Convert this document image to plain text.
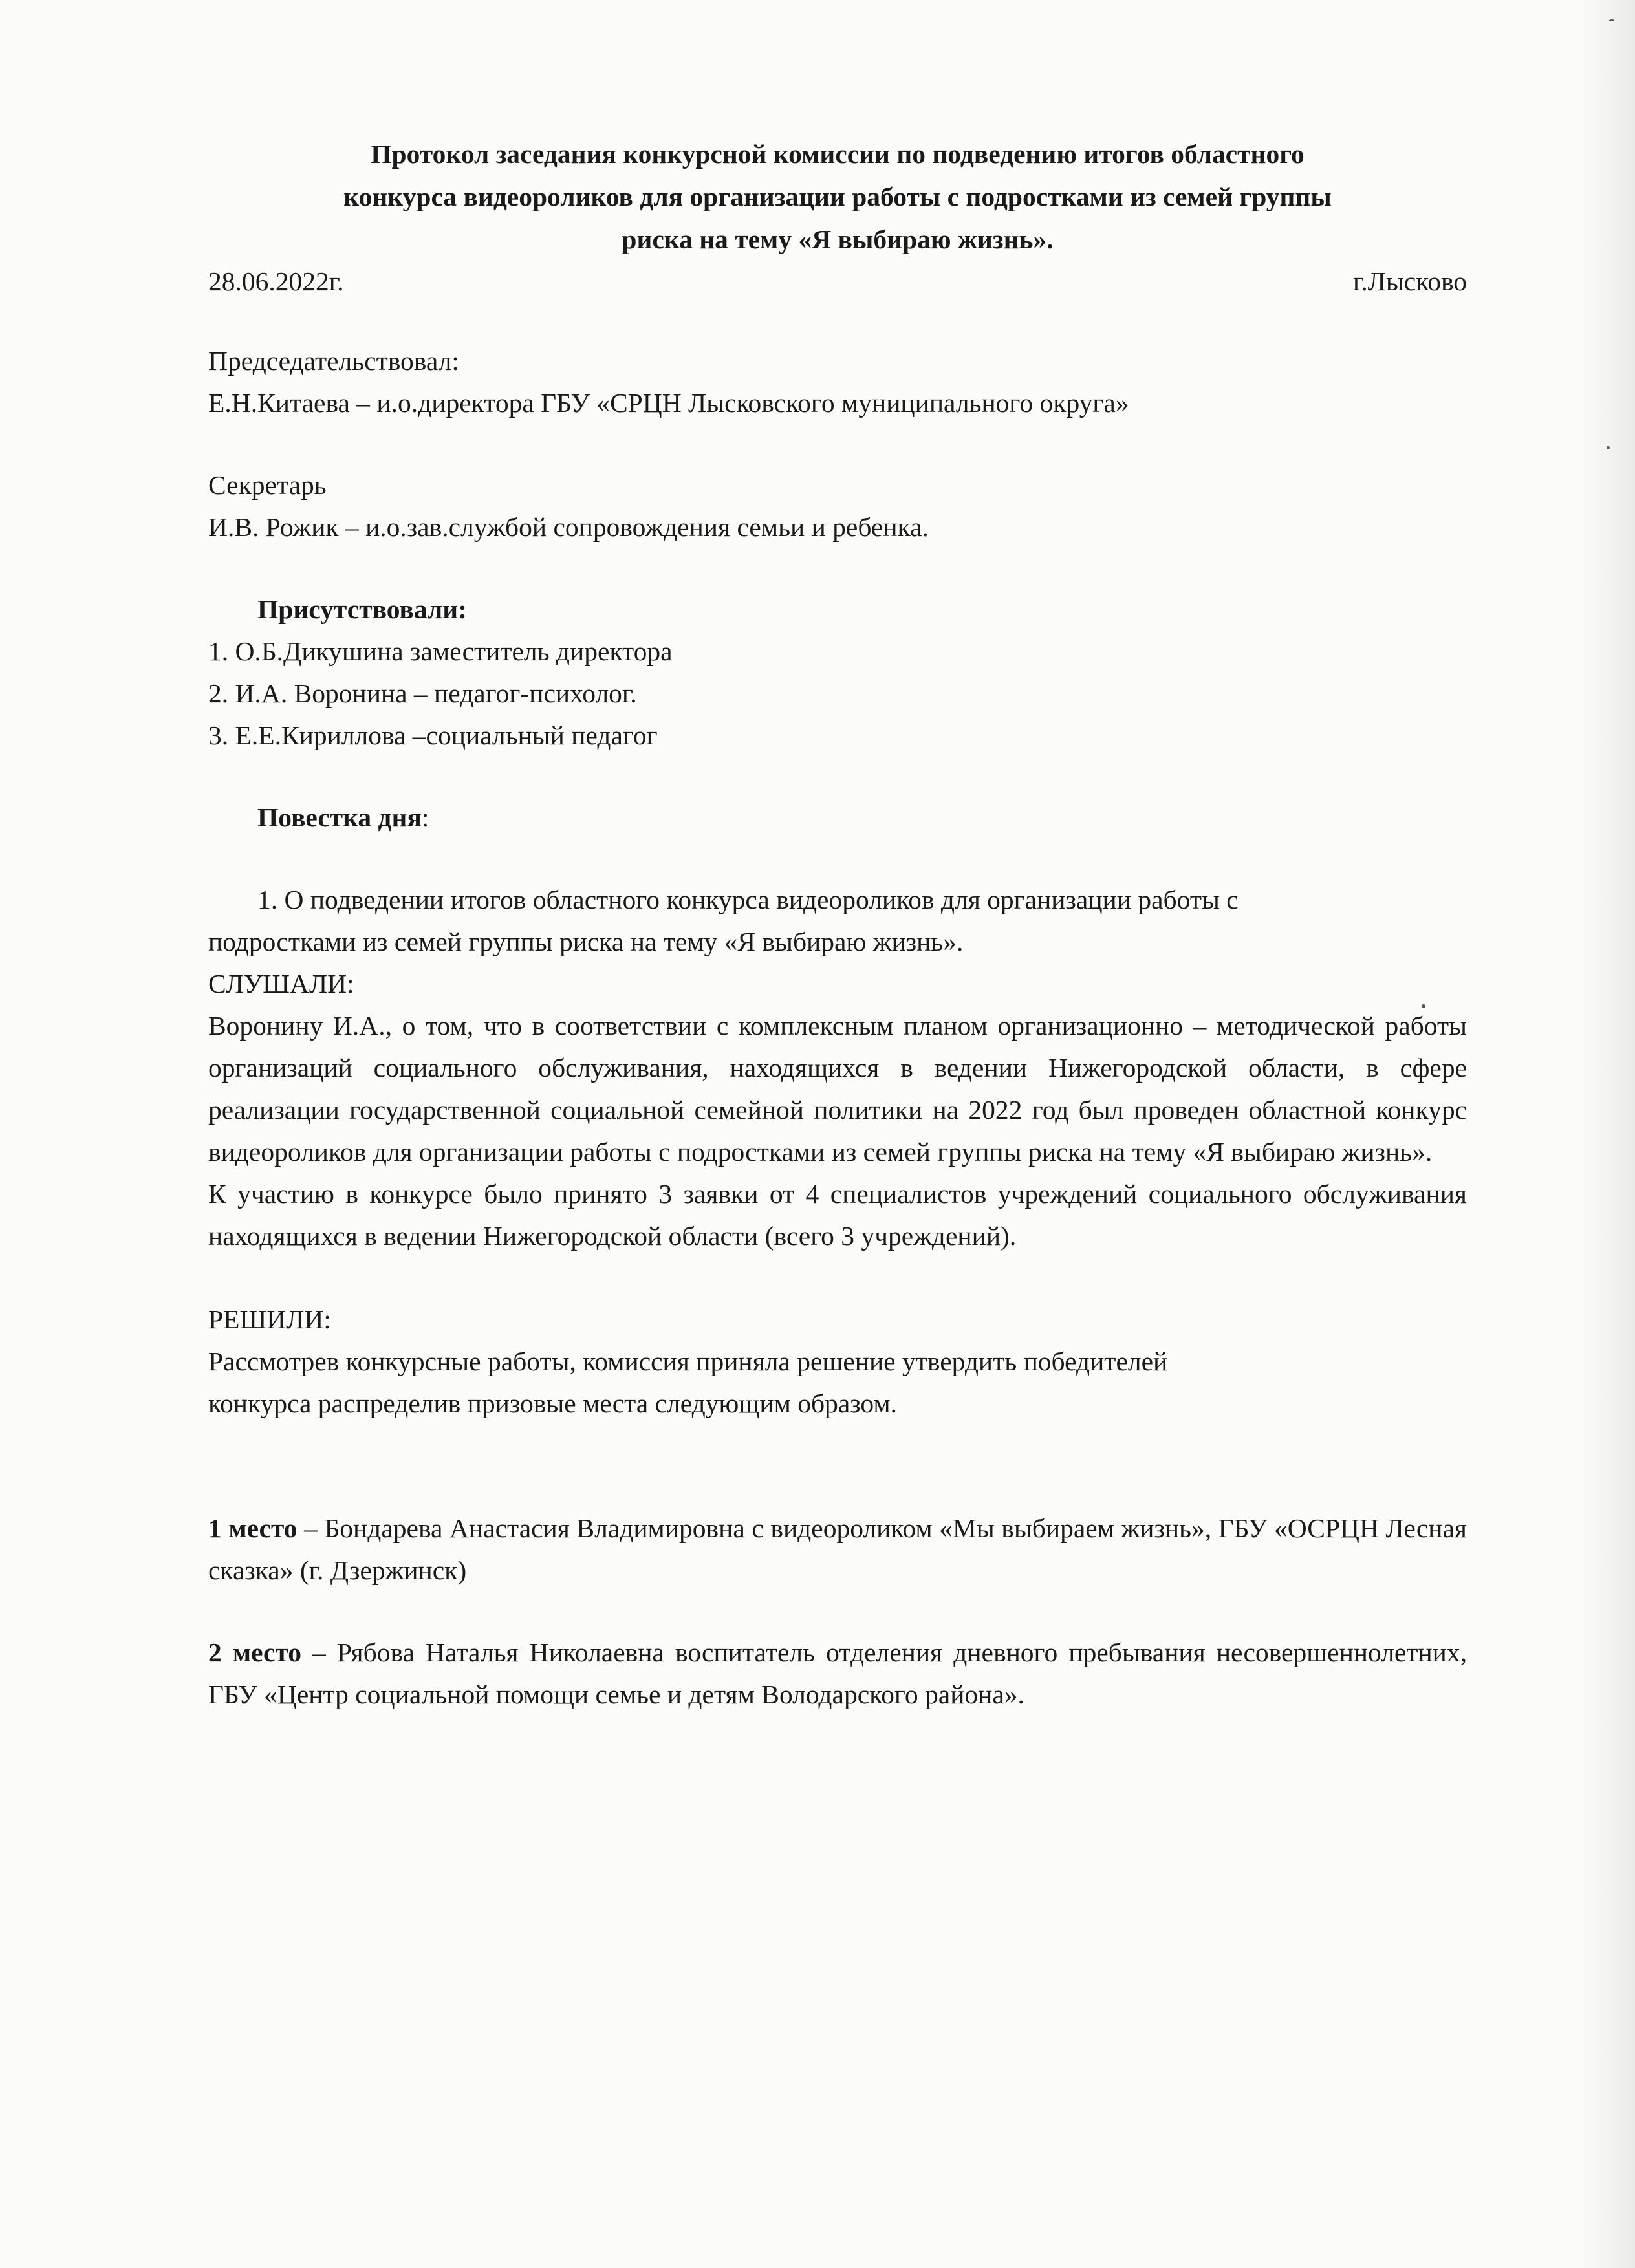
Протокол заседания конкурсной комиссии по подведению итогов областного
конкурса видеороликов для организации работы с подростками из семей группы
риска на тему «Я выбираю жизнь».
28.06.2022г.	г.Лысково
Председательствовал:
Е.Н.Китаева – и.о.директора ГБУ «СРЦН Лысковского муниципального округа»
Секретарь
И.В. Рожик – и.о.зав.службой сопровождения семьи и ребенка.
Присутствовали:
1. О.Б.Дикушина заместитель директора
2. И.А. Воронина – педагог-психолог.
3. Е.Е.Кириллова –социальный педагог
Повестка дня:
1. О подведении итогов областного конкурса видеороликов для организации работы с
подростками из семей группы риска на тему «Я выбираю жизнь».
СЛУШАЛИ:
Воронину И.А., о том, что в соответствии с комплексным планом организационно – методической работы организаций социального обслуживания, находящихся в ведении Нижегородской области, в сфере реализации государственной социальной семейной политики на 2022 год был проведен областной конкурс видеороликов для организации работы с подростками из семей группы риска на тему «Я выбираю жизнь».
К участию в конкурсе было принято 3 заявки от 4 специалистов учреждений социального обслуживания находящихся в ведении Нижегородской области (всего 3 учреждений).
РЕШИЛИ:
Рассмотрев конкурсные работы, комиссия приняла решение утвердить победителей
конкурса распределив призовые места следующим образом.
1 место – Бондарева Анастасия Владимировна с видеороликом «Мы выбираем жизнь», ГБУ «ОСРЦН Лесная сказка» (г. Дзержинск)
2 место – Рябова Наталья Николаевна воспитатель отделения дневного пребывания несовершеннолетних, ГБУ «Центр социальной помощи семье и детям Володарского района».
